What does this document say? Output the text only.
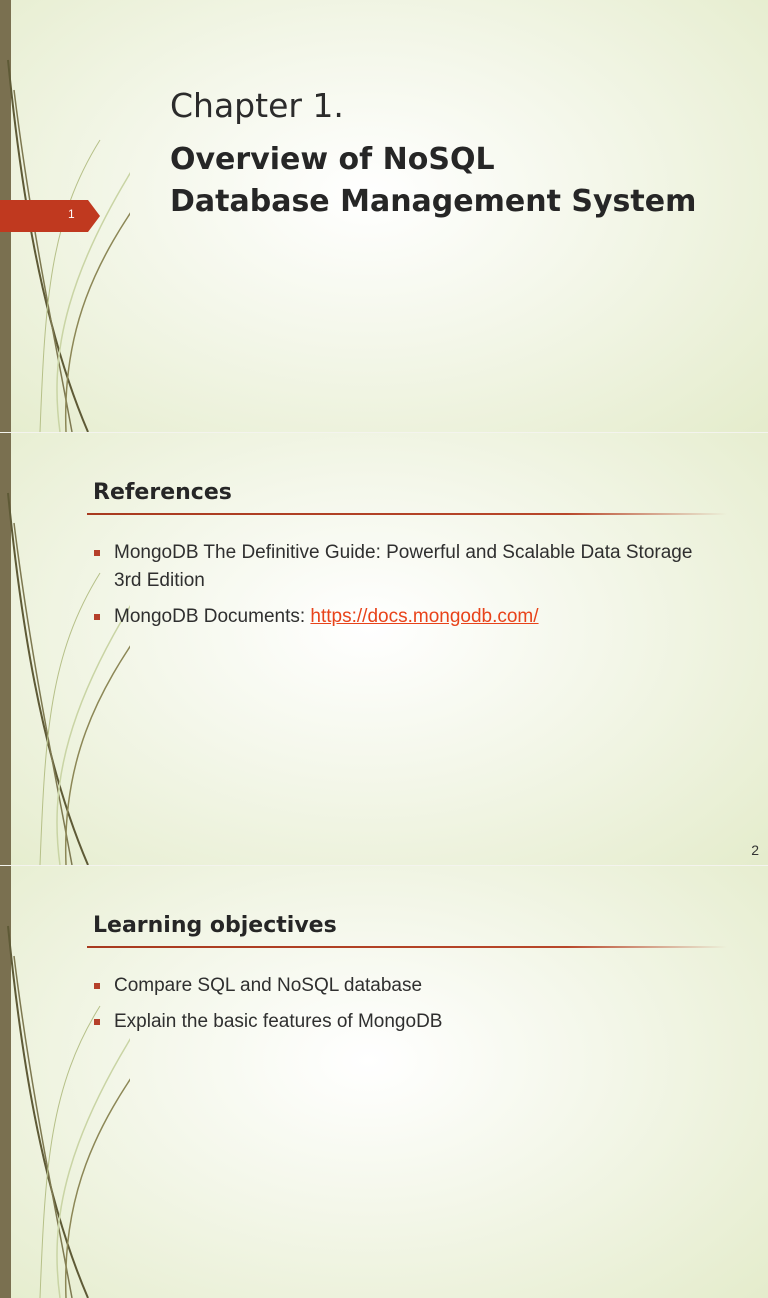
1
Chapter 1.
Overview of NoSQL
Database Management System
References
MongoDB The Definitive Guide: Powerful and Scalable Data Storage 3rd Edition
MongoDB Documents: https://docs.mongodb.com/
2
Learning objectives
Compare SQL and NoSQL database
Explain the basic features of MongoDB
